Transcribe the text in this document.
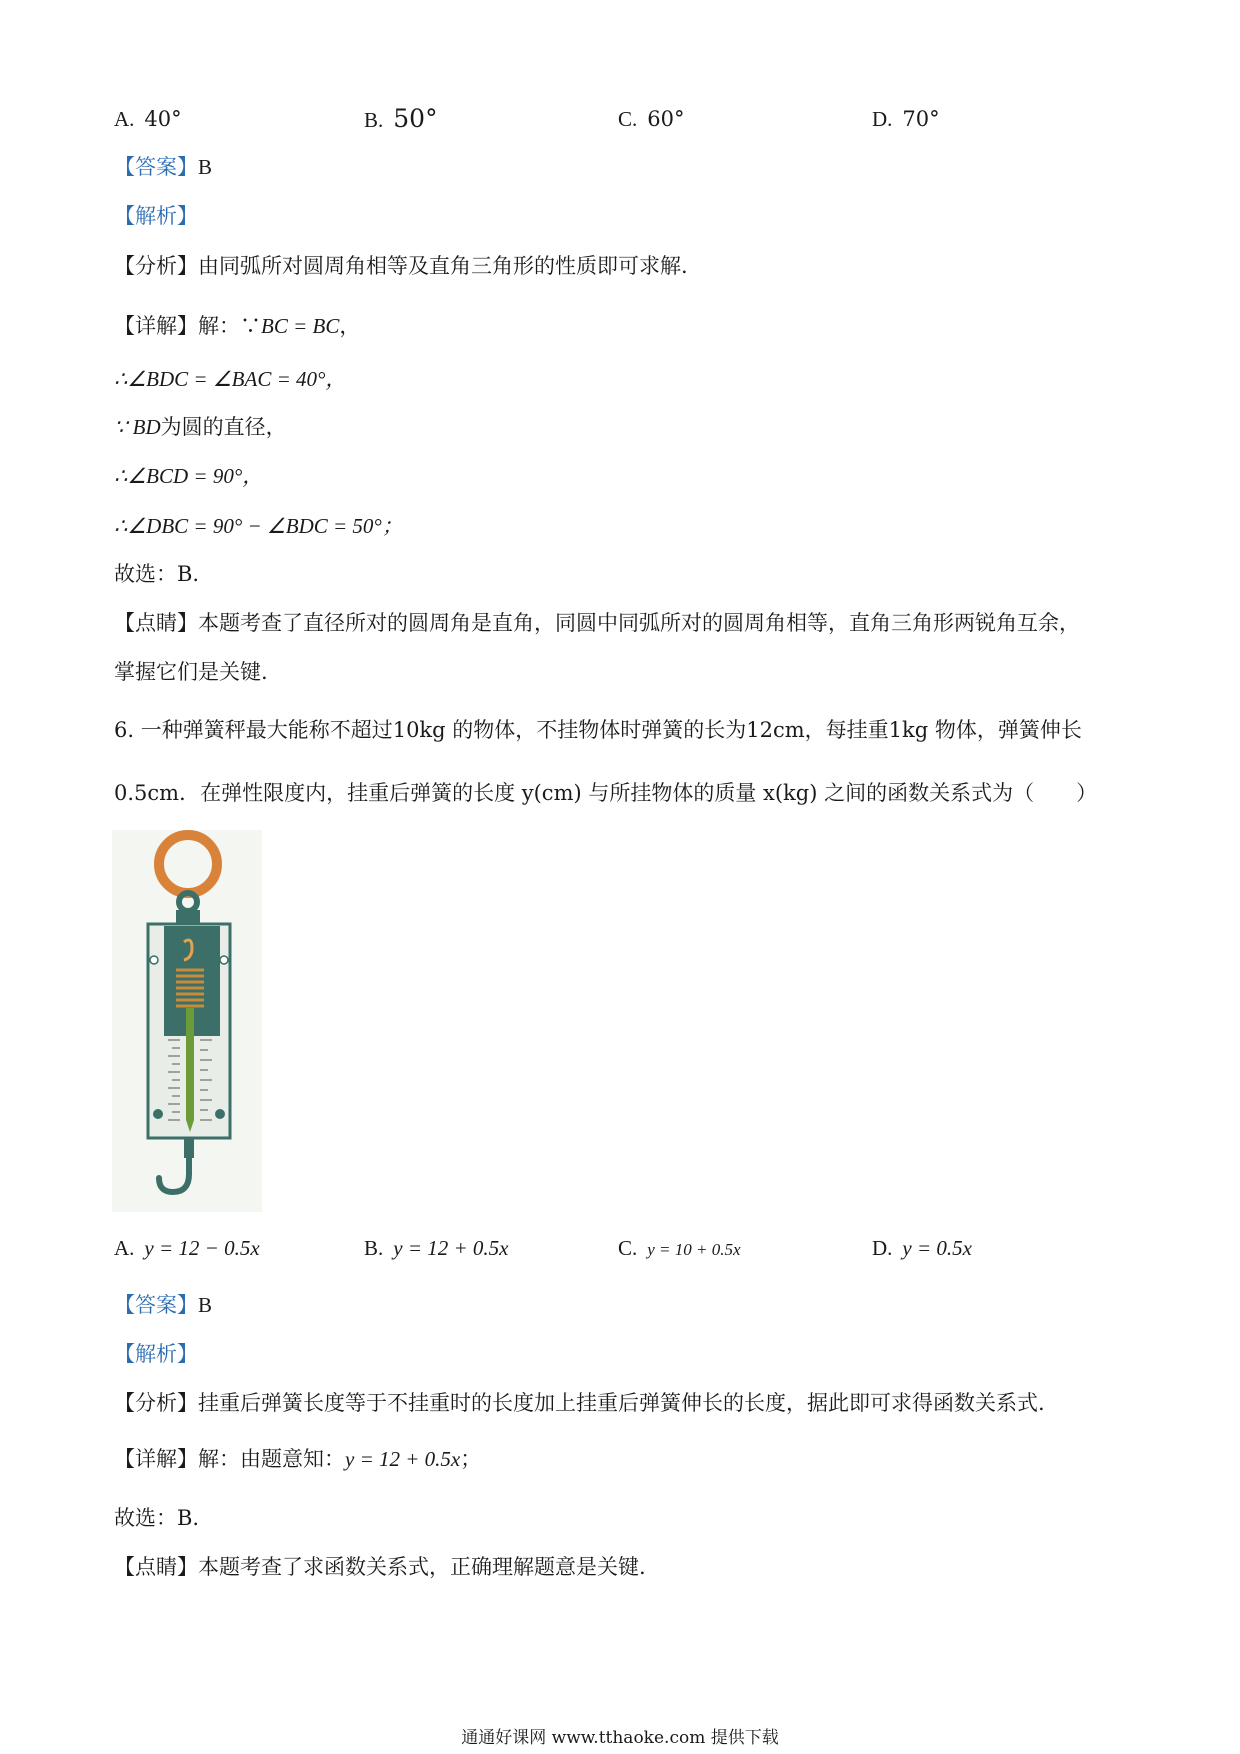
A. 40°	B. 50°	C. 60°	D. 70°
【答案】B
【解析】
【分析】由同弧所对圆周角相等及直角三角形的性质即可求解.
【详解】解：∵BC = BC，
∴∠BDC = ∠BAC = 40°，
∵ BD为圆的直径，
∴∠BCD = 90°，
∴∠DBC = 90° − ∠BDC = 50°；
故选：B.
【点睛】本题考查了直径所对的圆周角是直角，同圆中同弧所对的圆周角相等，直角三角形两锐角互余，
掌握它们是关键.
6. 一种弹簧秤最大能称不超过10kg 的物体，不挂物体时弹簧的长为12cm，每挂重1kg 物体，弹簧伸长
0.5cm．在弹性限度内，挂重后弹簧的长度 y(cm) 与所挂物体的质量 x(kg) 之间的函数关系式为（　　）
A. y = 12 − 0.5x	B. y = 12 + 0.5x	C. y = 10 + 0.5x	D. y = 0.5x
【答案】B
【解析】
【分析】挂重后弹簧长度等于不挂重时的长度加上挂重后弹簧伸长的长度，据此即可求得函数关系式.
【详解】解：由题意知：y = 12 + 0.5x；
故选：B.
【点睛】本题考查了求函数关系式，正确理解题意是关键.
通通好课网 www.tthaoke.com 提供下载
